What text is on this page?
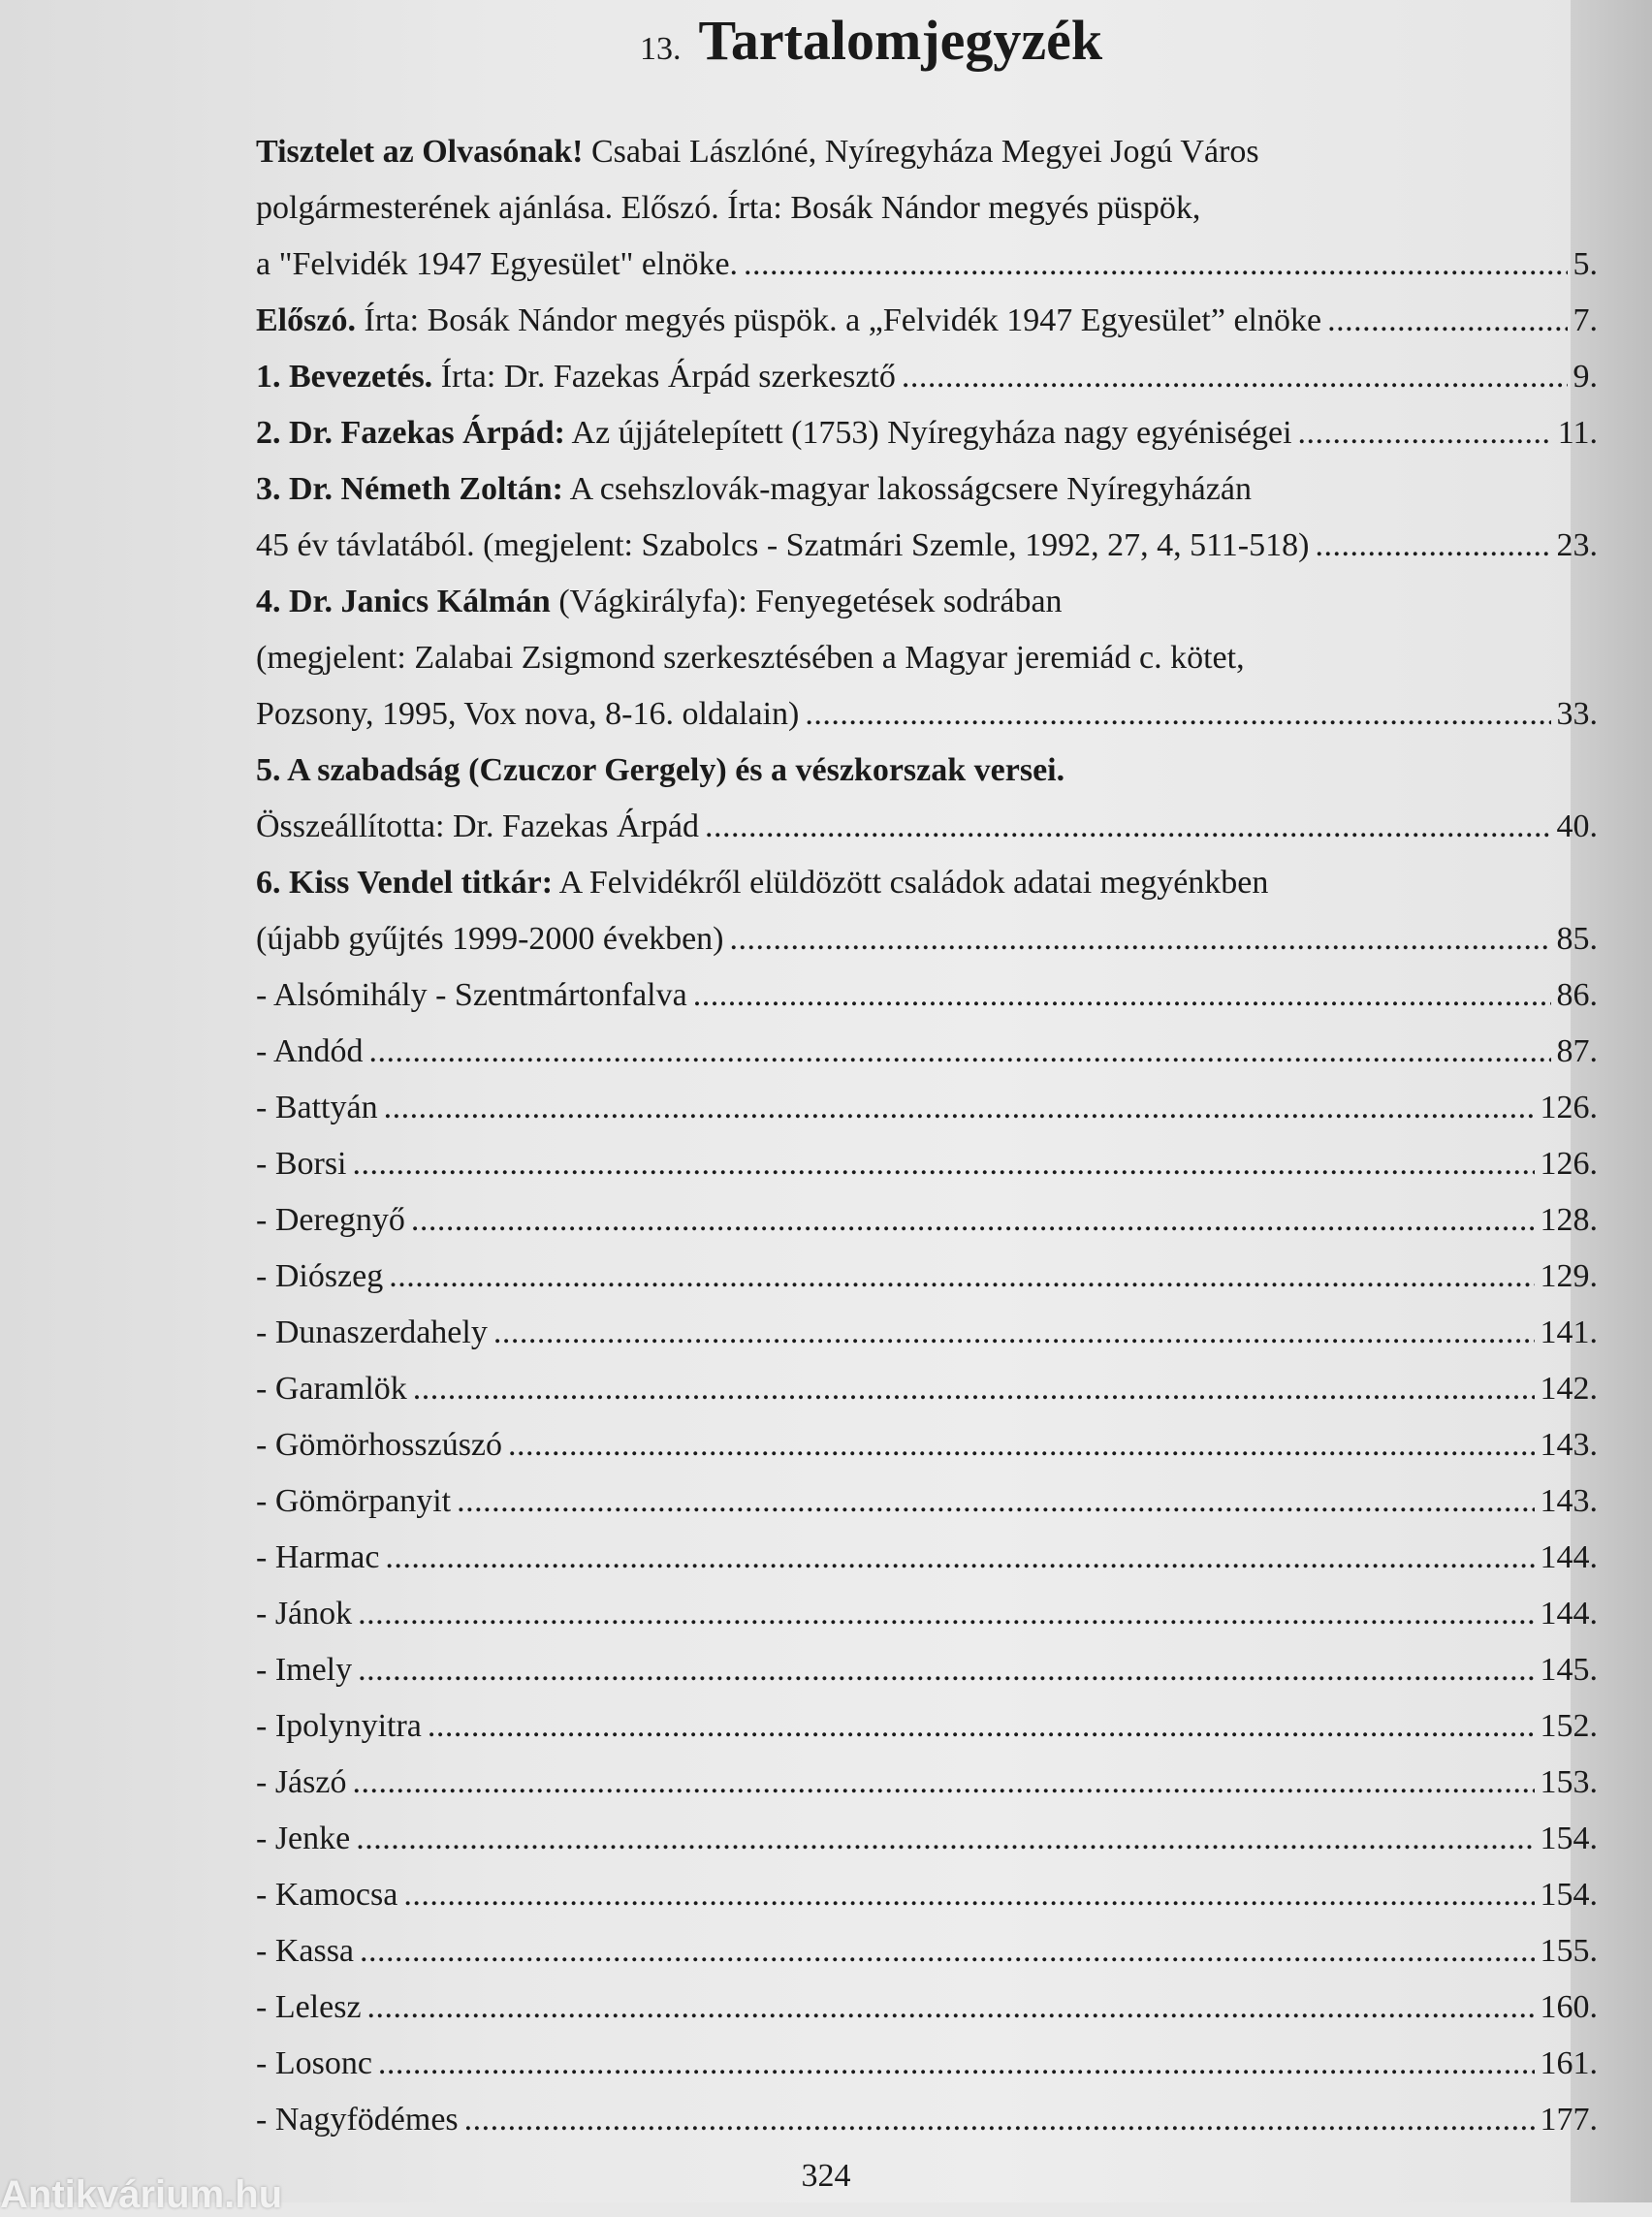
13. Tartalomjegyzék
Tisztelet az Olvasónak! Csabai Lászlóné, Nyíregyháza Megyei Jogú Város
polgármesterének ajánlása. Előszó. Írta: Bosák Nándor megyés püspök,
a "Felvidék 1947 Egyesület" elnöke. . . .	5.
Előszó. Írta: Bosák Nándor megyés püspök. a „Felvidék 1947 Egyesület” elnöke . . .	7.
1. Bevezetés. Írta: Dr. Fazekas Árpád szerkesztő . . .	9.
2. Dr. Fazekas Árpád: Az újjátelepített (1753) Nyíregyháza nagy egyéniségei . . .	11.
3. Dr. Németh Zoltán: A csehszlovák-magyar lakosságcsere Nyíregyházán
45 év távlatából. (megjelent: Szabolcs - Szatmári Szemle, 1992, 27, 4, 511-518) . . .	23.
4. Dr. Janics Kálmán (Vágkirályfa): Fenyegetések sodrában
(megjelent: Zalabai Zsigmond szerkesztésében a Magyar jeremiád c. kötet,
Pozsony, 1995, Vox nova, 8-16. oldalain) . . .	33.
5. A szabadság (Czuczor Gergely) és a vészkorszak versei.
Összeállította: Dr. Fazekas Árpád . . .	40.
6. Kiss Vendel titkár: A Felvidékről elüldözött családok adatai megyénkben
(újabb gyűjtés 1999-2000 években) . . .	85.
- Alsómihály - Szentmártonfalva . . .	86.
- Andód . . .	87.
- Battyán . . .	126.
- Borsi . . .	126.
- Deregnyő . . .	128.
- Diószeg . . .	129.
- Dunaszerdahely . . .	141.
- Garamlök . . .	142.
- Gömörhosszúszó . . .	143.
- Gömörpanyit . . .	143.
- Harmac . . .	144.
- Jánok . . .	144.
- Imely . . .	145.
- Ipolynyitra . . .	152.
- Jászó . . .	153.
- Jenke . . .	154.
- Kamocsa . . .	154.
- Kassa . . .	155.
- Lelesz . . .	160.
- Losonc . . .	161.
- Nagyfödémes . . .	177.
324
Antikvárium.hu
